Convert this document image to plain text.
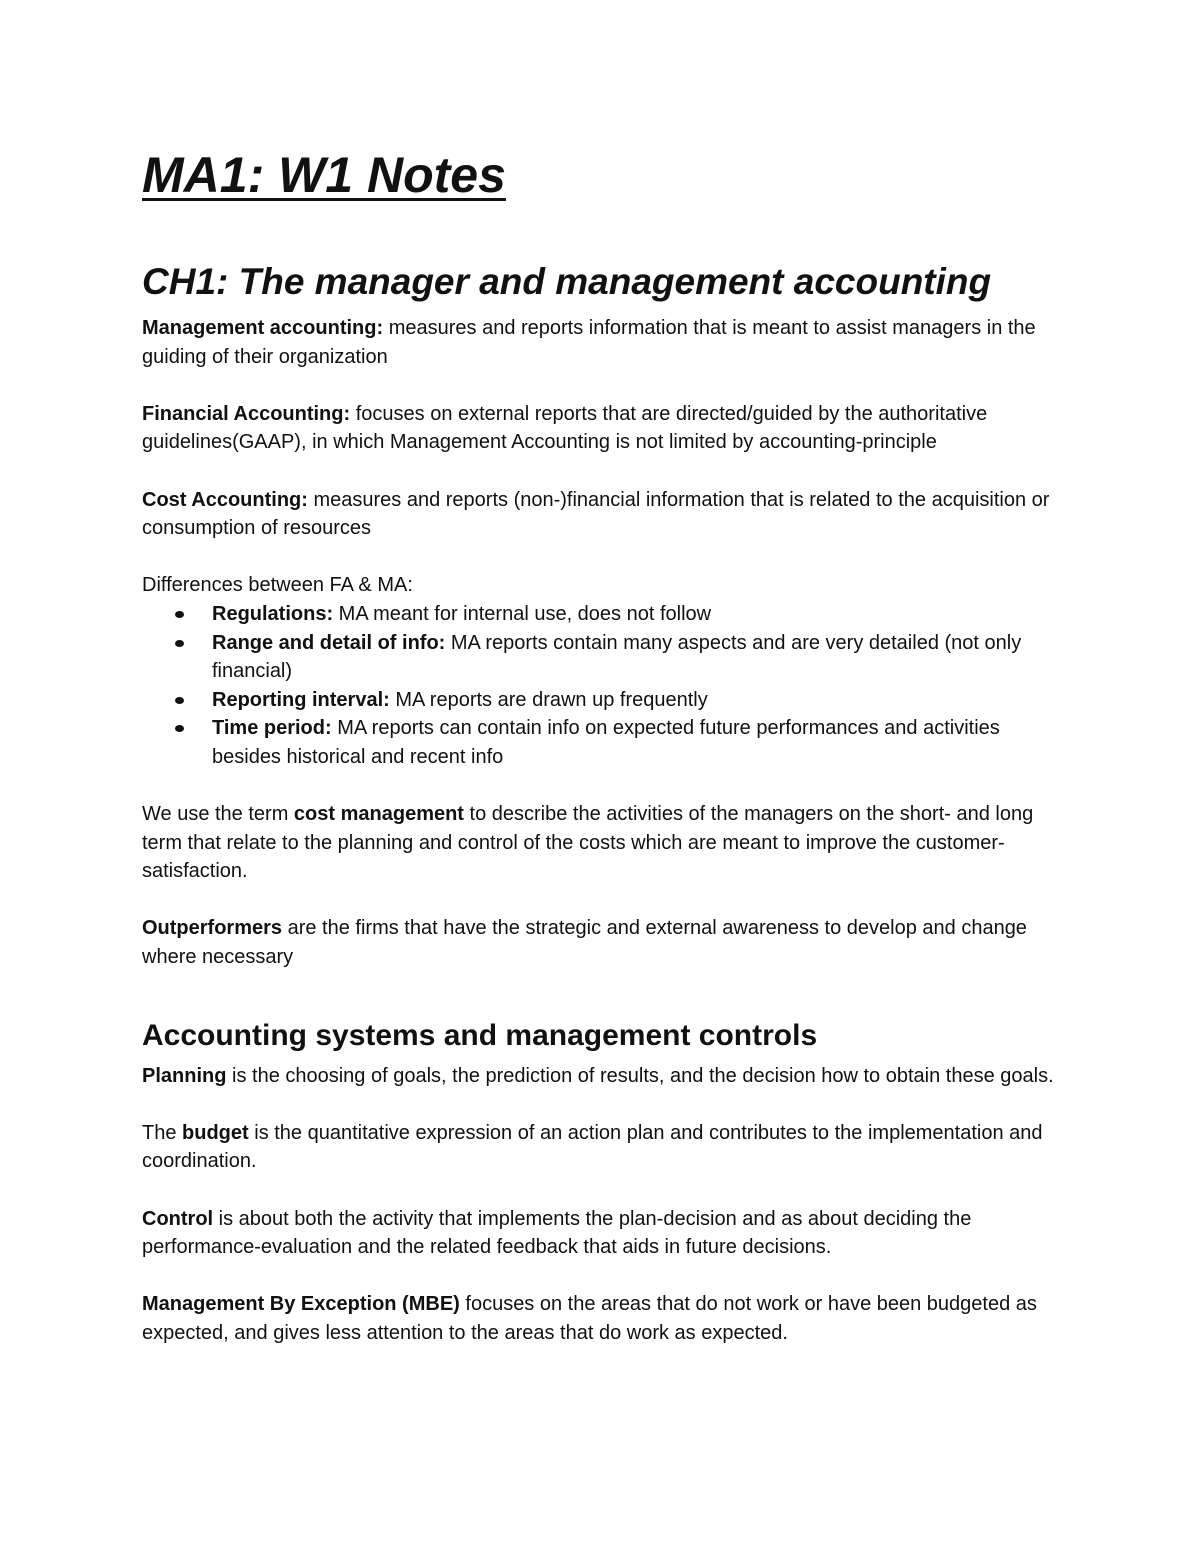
MA1: W1 Notes
CH1: The manager and management accounting

Management accounting: measures and reports information that is meant to assist managers in the guiding of their organization

Financial Accounting: focuses on external reports that are directed/guided by the authoritative guidelines(GAAP), in which Management Accounting is not limited by accounting-principle

Cost Accounting: measures and reports (non-)financial information that is related to the acquisition or consumption of resources

Differences between FA & MA:

Regulations: MA meant for internal use, does not follow
Range and detail of info: MA reports contain many aspects and are very detailed (not only financial)
Reporting interval: MA reports are drawn up frequently
Time period: MA reports can contain info on expected future performances and activities besides historical and recent info

We use the term cost management to describe the activities of the managers on the short- and long term that relate to the planning and control of the costs which are meant to improve the customer-satisfaction.

Outperformers are the firms that have the strategic and external awareness to develop and change where necessary

Accounting systems and management controls

Planning is the choosing of goals, the prediction of results, and the decision how to obtain these goals.

The budget is the quantitative expression of an action plan and contributes to the implementation and coordination.

Control is about both the activity that implements the plan-decision and as about deciding the performance-evaluation and the related feedback that aids in future decisions.

Management By Exception (MBE) focuses on the areas that do not work or have been budgeted as expected, and gives less attention to the areas that do work as expected.
